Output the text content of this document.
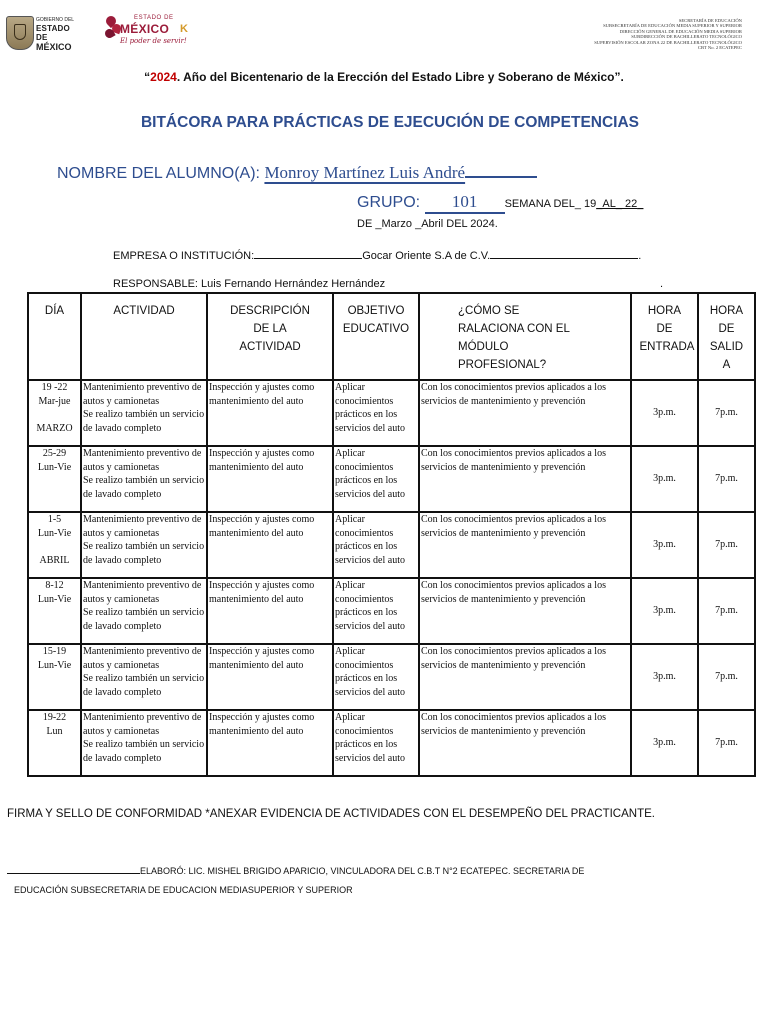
GOBIERNO DEL
ESTADO DE
MÉXICO
ESTADO DE
MÉXICO K
El poder de servir!
SECRETARÍA DE EDUCACIÓN
SUBSECRETARÍA DE EDUCACIÓN MEDIA SUPERIOR Y SUPERIOR
DIRECCIÓN GENERAL DE EDUCACIÓN MEDIA SUPERIOR
SUBDIRECCIÓN DE BACHILLERATO TECNOLÓGICO
SUPERVISIÓN ESCOLAR ZONA 22 DE BACHILLERATO TECNOLÓGICO
CBT No. 2 ECATEPEC
“2024. Año del Bicentenario de la Erección del Estado Libre y Soberano de México”.
BITÁCORA PARA PRÁCTICAS DE EJECUCIÓN DE COMPETENCIAS
NOMBRE DEL ALUMNO(A): Monroy Martínez Luis André
GRUPO: 101 SEMANA DEL_ 19_AL_ 22_
DE _Marzo _Abril DEL 2024.
EMPRESA O INSTITUCIÓN:	Gocar Oriente S.A de C.V.	.
RESPONSABLE: Luis Fernando Hernández Hernández	.
DÍA	ACTIVIDAD	DESCRIPCIÓN DE LA ACTIVIDAD	OBJETIVO EDUCATIVO	¿CÓMO SE RALACIONA CON EL MÓDULO PROFESIONAL?	HORA DE ENTRADA	HORA DE SALID A

19 -22
Mar-jue

MARZO	Mantenimiento preventivo de autos y camionetas
Se realizo también un servicio de lavado completo	Inspección y ajustes como mantenimiento del auto	Aplicar conocimientos prácticos en los servicios del auto	Con los conocimientos previos aplicados a los servicios de mantenimiento y prevención	3p.m.	7p.m.
25-29
Lun-Vie	Mantenimiento preventivo de autos y camionetas
Se realizo también un servicio de lavado completo	Inspección y ajustes como mantenimiento del auto	Aplicar conocimientos prácticos en los servicios del auto	Con los conocimientos previos aplicados a los servicios de mantenimiento y prevención	3p.m.	7p.m.
1-5
Lun-Vie

ABRIL	Mantenimiento preventivo de autos y camionetas
Se realizo también un servicio de lavado completo	Inspección y ajustes como mantenimiento del auto	Aplicar conocimientos prácticos en los servicios del auto	Con los conocimientos previos aplicados a los servicios de mantenimiento y prevención	3p.m.	7p.m.
8-12
Lun-Vie	Mantenimiento preventivo de autos y camionetas
Se realizo también un servicio de lavado completo	Inspección y ajustes como mantenimiento del auto	Aplicar conocimientos prácticos en los servicios del auto	Con los conocimientos previos aplicados a los servicios de mantenimiento y prevención	3p.m.	7p.m.
15-19
Lun-Vie	Mantenimiento preventivo de autos y camionetas
Se realizo también un servicio de lavado completo	Inspección y ajustes como mantenimiento del auto	Aplicar conocimientos prácticos en los servicios del auto	Con los conocimientos previos aplicados a los servicios de mantenimiento y prevención	3p.m.	7p.m.
19-22
Lun	Mantenimiento preventivo de autos y camionetas
Se realizo también un servicio de lavado completo	Inspección y ajustes como mantenimiento del auto	Aplicar conocimientos prácticos en los servicios del auto	Con los conocimientos previos aplicados a los servicios de mantenimiento y prevención	3p.m.	7p.m.
FIRMA Y SELLO DE CONFORMIDAD *ANEXAR EVIDENCIA DE ACTIVIDADES CON EL DESEMPEÑO DEL PRACTICANTE.
ELABORÓ: LIC. MISHEL BRIGIDO APARICIO, VINCULADORA DEL C.B.T N°2 ECATEPEC. SECRETARIA DE
EDUCACIÓN SUBSECRETARIA DE EDUCACION MEDIASUPERIOR Y SUPERIOR
